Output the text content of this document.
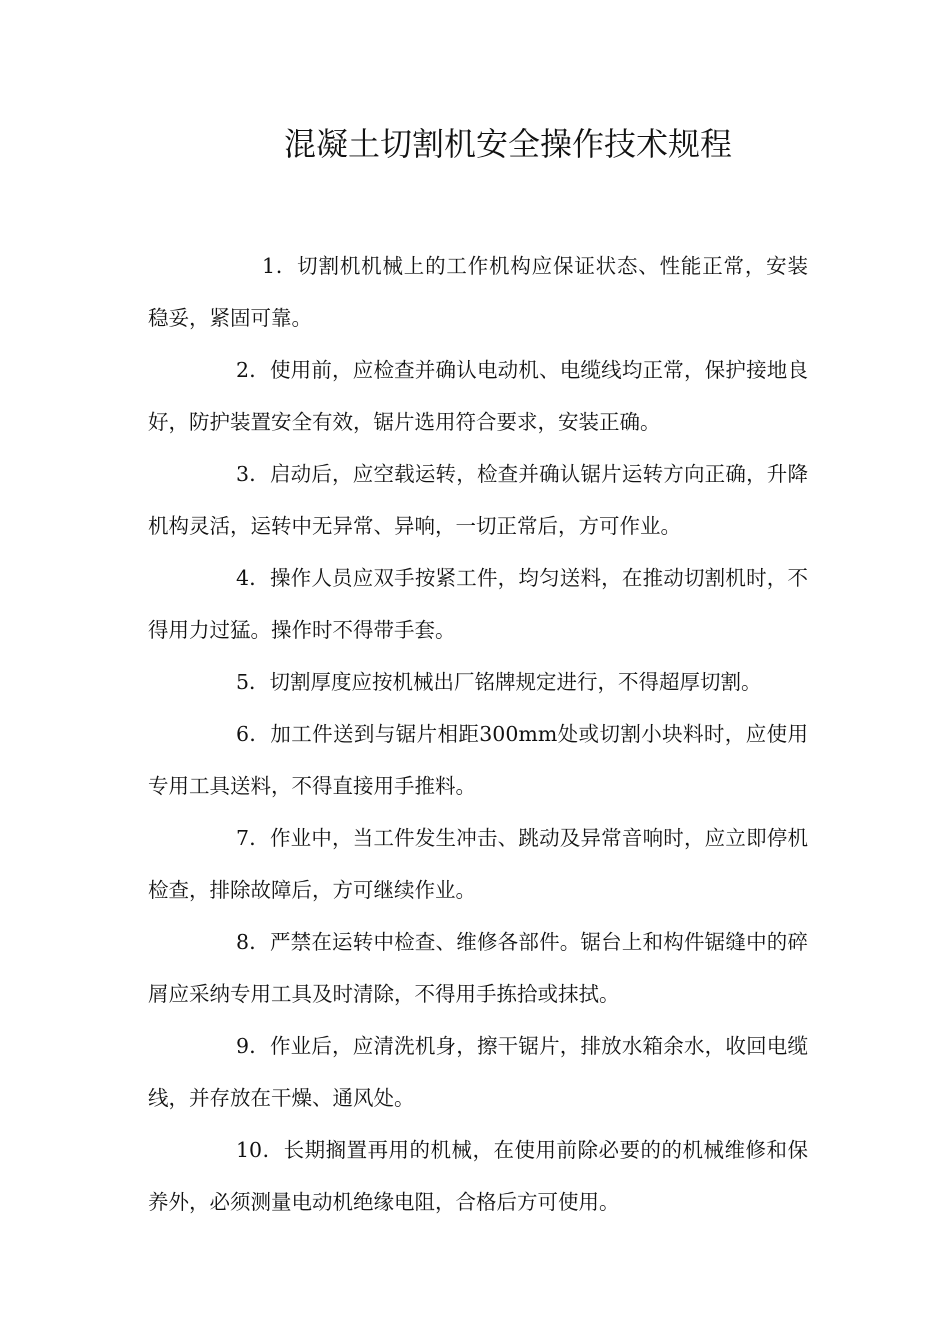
混凝土切割机安全操作技术规程

1．切割机机械上的工作机构应保证状态、性能正常，安装稳妥，紧固可靠。

2．使用前，应检查并确认电动机、电缆线均正常，保护接地良好，防护装置安全有效，锯片选用符合要求，安装正确。

3．启动后，应空载运转，检查并确认锯片运转方向正确，升降机构灵活，运转中无异常、异响，一切正常后，方可作业。

4．操作人员应双手按紧工件，均匀送料，在推动切割机时，不得用力过猛。操作时不得带手套。

5．切割厚度应按机械出厂铭牌规定进行，不得超厚切割。

6．加工件送到与锯片相距300mm处或切割小块料时，应使用专用工具送料，不得直接用手推料。

7．作业中，当工件发生冲击、跳动及异常音响时，应立即停机检查，排除故障后，方可继续作业。

8．严禁在运转中检查、维修各部件。锯台上和构件锯缝中的碎屑应采纳专用工具及时清除，不得用手拣拾或抹拭。

9．作业后，应清洗机身，擦干锯片，排放水箱余水，收回电缆线，并存放在干燥、通风处。

10．长期搁置再用的机械，在使用前除必要的的机械维修和保养外，必须测量电动机绝缘电阻，合格后方可使用。
